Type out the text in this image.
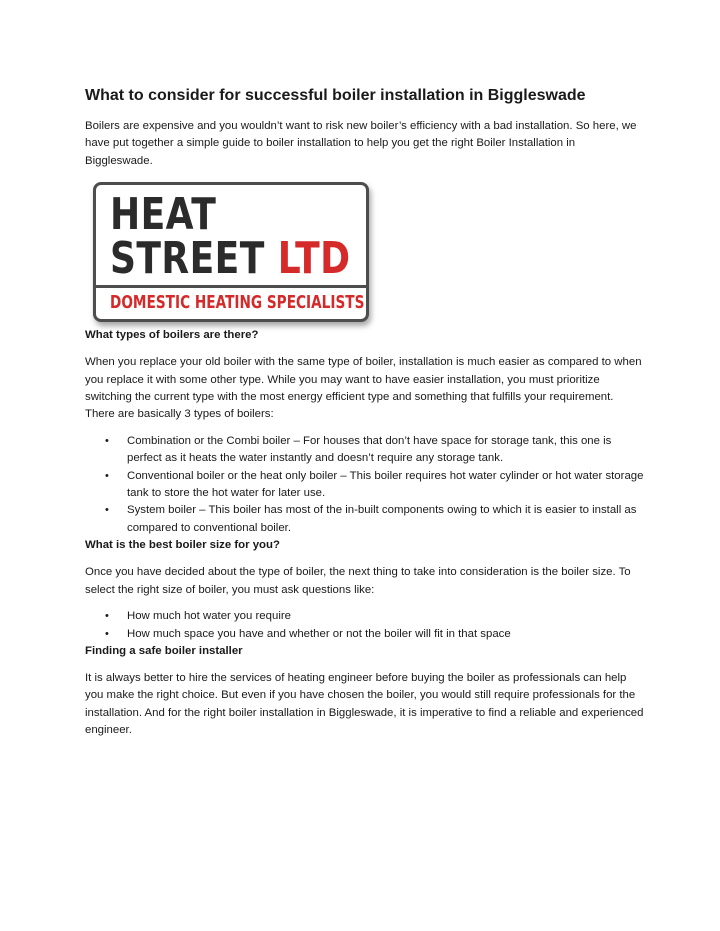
What to consider for successful boiler installation in Biggleswade

Boilers are expensive and you wouldn’t want to risk new boiler’s efficiency with a bad installation. So here, we have put together a simple guide to boiler installation to help you get the right Boiler Installation in Biggleswade.

HEAT
STREET LTD
DOMESTIC HEATING SPECIALISTS
What types of boilers are there?

When you replace your old boiler with the same type of boiler, installation is much easier as compared to when you replace it with some other type. While you may want to have easier installation, you must prioritize switching the current type with the most energy efficient type and something that fulfills your requirement. There are basically 3 types of boilers:

• Combination or the Combi boiler – For houses that don’t have space for storage tank, this one is perfect as it heats the water instantly and doesn’t require any storage tank.
• Conventional boiler or the heat only boiler – This boiler requires hot water cylinder or hot water storage tank to store the hot water for later use.
• System boiler – This boiler has most of the in-built components owing to which it is easier to install as compared to conventional boiler.
What is the best boiler size for you?

Once you have decided about the type of boiler, the next thing to take into consideration is the boiler size. To select the right size of boiler, you must ask questions like:

• How much hot water you require
• How much space you have and whether or not the boiler will fit in that space
Finding a safe boiler installer

It is always better to hire the services of heating engineer before buying the boiler as professionals can help you make the right choice. But even if you have chosen the boiler, you would still require professionals for the installation. And for the right boiler installation in Biggleswade, it is imperative to find a reliable and experienced engineer.
